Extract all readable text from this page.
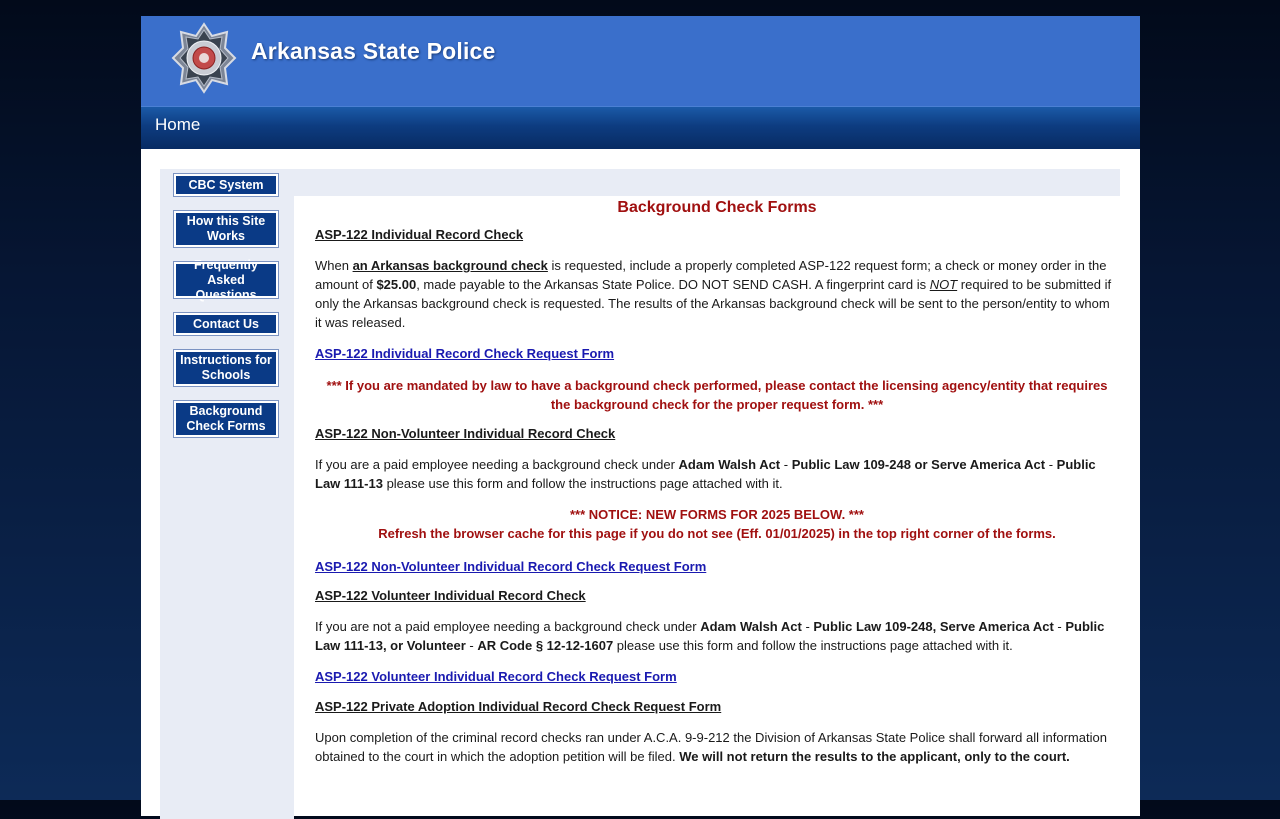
Arkansas State Police
Home
CBC System
How this Site
Works
Frequently
Asked Questions
Contact Us
Instructions for
Schools
Background
Check Forms
Background Check Forms
ASP-122 Individual Record Check

When an Arkansas background check is requested, include a properly completed ASP-122 request form; a check or money order in the amount of $25.00, made payable to the Arkansas State Police. DO NOT SEND CASH. A fingerprint card is NOT required to be submitted if only the Arkansas background check is requested. The results of the Arkansas background check will be sent to the person/entity to whom it was released.

ASP-122 Individual Record Check Request Form
*** If you are mandated by law to have a background check performed, please contact the licensing agency/entity that requires the background check for the proper request form. ***
ASP-122 Non-Volunteer Individual Record Check

If you are a paid employee needing a background check under Adam Walsh Act - Public Law 109-248 or Serve America Act - Public Law 111-13 please use this form and follow the instructions page attached with it.

*** NOTICE: NEW FORMS FOR 2025 BELOW. ***
Refresh the browser cache for this page if you do not see (Eff. 01/01/2025) in the top right corner of the forms.
ASP-122 Non-Volunteer Individual Record Check Request Form
ASP-122 Volunteer Individual Record Check

If you are not a paid employee needing a background check under Adam Walsh Act - Public Law 109-248, Serve America Act - Public Law 111-13, or Volunteer - AR Code § 12-12-1607 please use this form and follow the instructions page attached with it.

ASP-122 Volunteer Individual Record Check Request Form
ASP-122 Private Adoption Individual Record Check Request Form

Upon completion of the criminal record checks ran under A.C.A. 9-9-212 the Division of Arkansas State Police shall forward all information obtained to the court in which the adoption petition will be filed. We will not return the results to the applicant, only to the court.
